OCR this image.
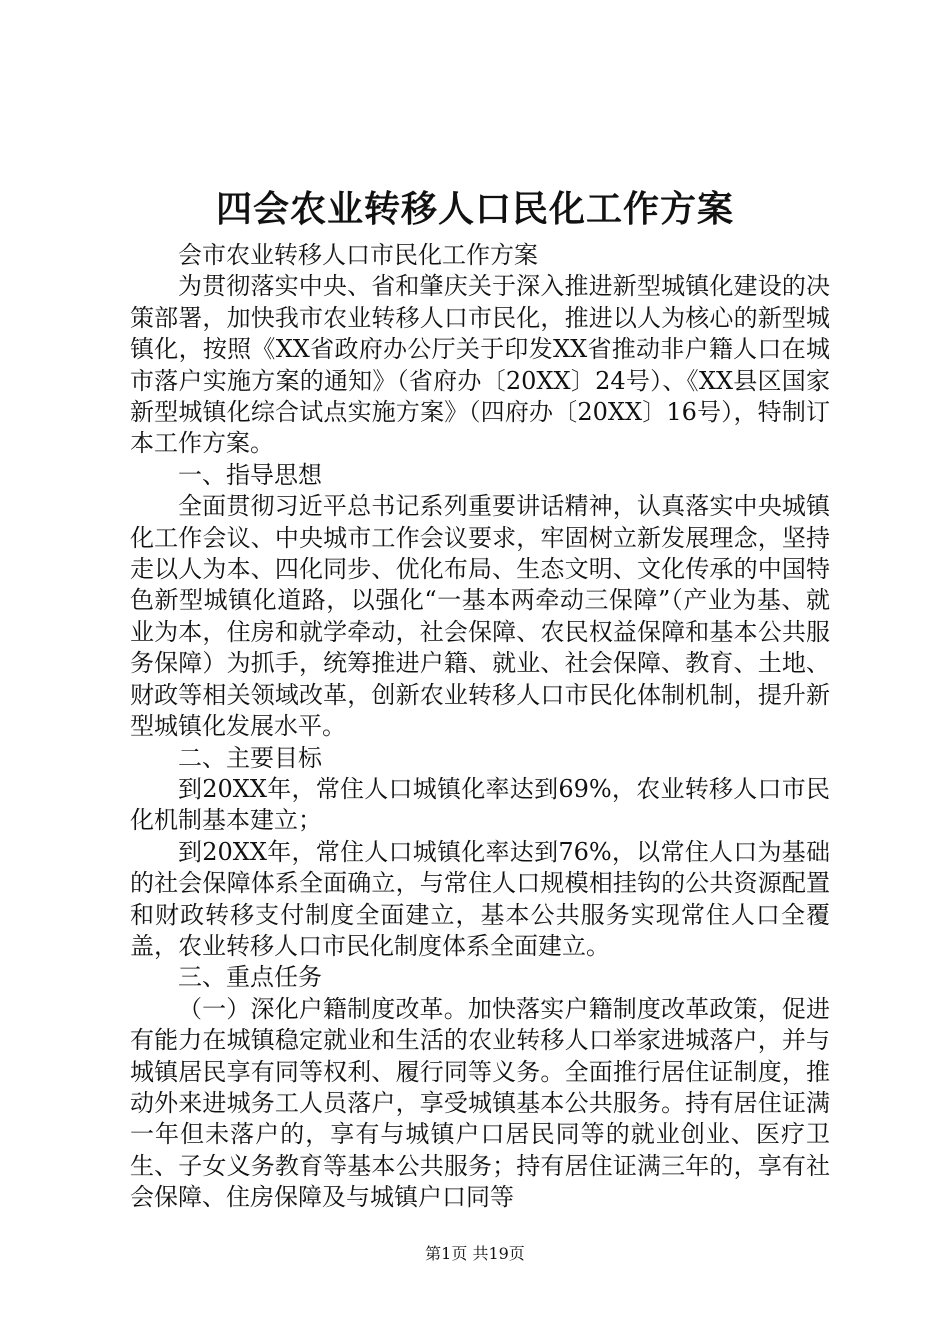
四会农业转移人口民化工作方案

会市农业转移人口市民化工作方案

为贯彻落实中央、省和肇庆关于深入推进新型城镇化建设的决策部署，加快我市农业转移人口市民化，推进以人为核心的新型城镇化，按照《XX省政府办公厅关于印发XX省推动非户籍人口在城市落户实施方案的通知》（省府办〔20XX〕24号）、《XX县区国家新型城镇化综合试点实施方案》（四府办〔20XX〕16号），特制订本工作方案。

一、指导思想

全面贯彻习近平总书记系列重要讲话精神，认真落实中央城镇化工作会议、中央城市工作会议要求，牢固树立新发展理念，坚持走以人为本、四化同步、优化布局、生态文明、文化传承的中国特色新型城镇化道路，以强化“一基本两牵动三保障”（产业为基、就业为本，住房和就学牵动，社会保障、农民权益保障和基本公共服务保障）为抓手，统筹推进户籍、就业、社会保障、教育、土地、财政等相关领域改革，创新农业转移人口市民化体制机制，提升新型城镇化发展水平。

二、主要目标

到20XX年，常住人口城镇化率达到69%，农业转移人口市民化机制基本建立；

到20XX年，常住人口城镇化率达到76%，以常住人口为基础的社会保障体系全面确立，与常住人口规模相挂钩的公共资源配置和财政转移支付制度全面建立，基本公共服务实现常住人口全覆盖，农业转移人口市民化制度体系全面建立。

三、重点任务

（一）深化户籍制度改革。加快落实户籍制度改革政策，促进有能力在城镇稳定就业和生活的农业转移人口举家进城落户，并与城镇居民享有同等权利、履行同等义务。全面推行居住证制度，推动外来进城务工人员落户，享受城镇基本公共服务。持有居住证满一年但未落户的，享有与城镇户口居民同等的就业创业、医疗卫生、子女义务教育等基本公共服务；持有居住证满三年的，享有社会保障、住房保障及与城镇户口同等

第1页 共19页
